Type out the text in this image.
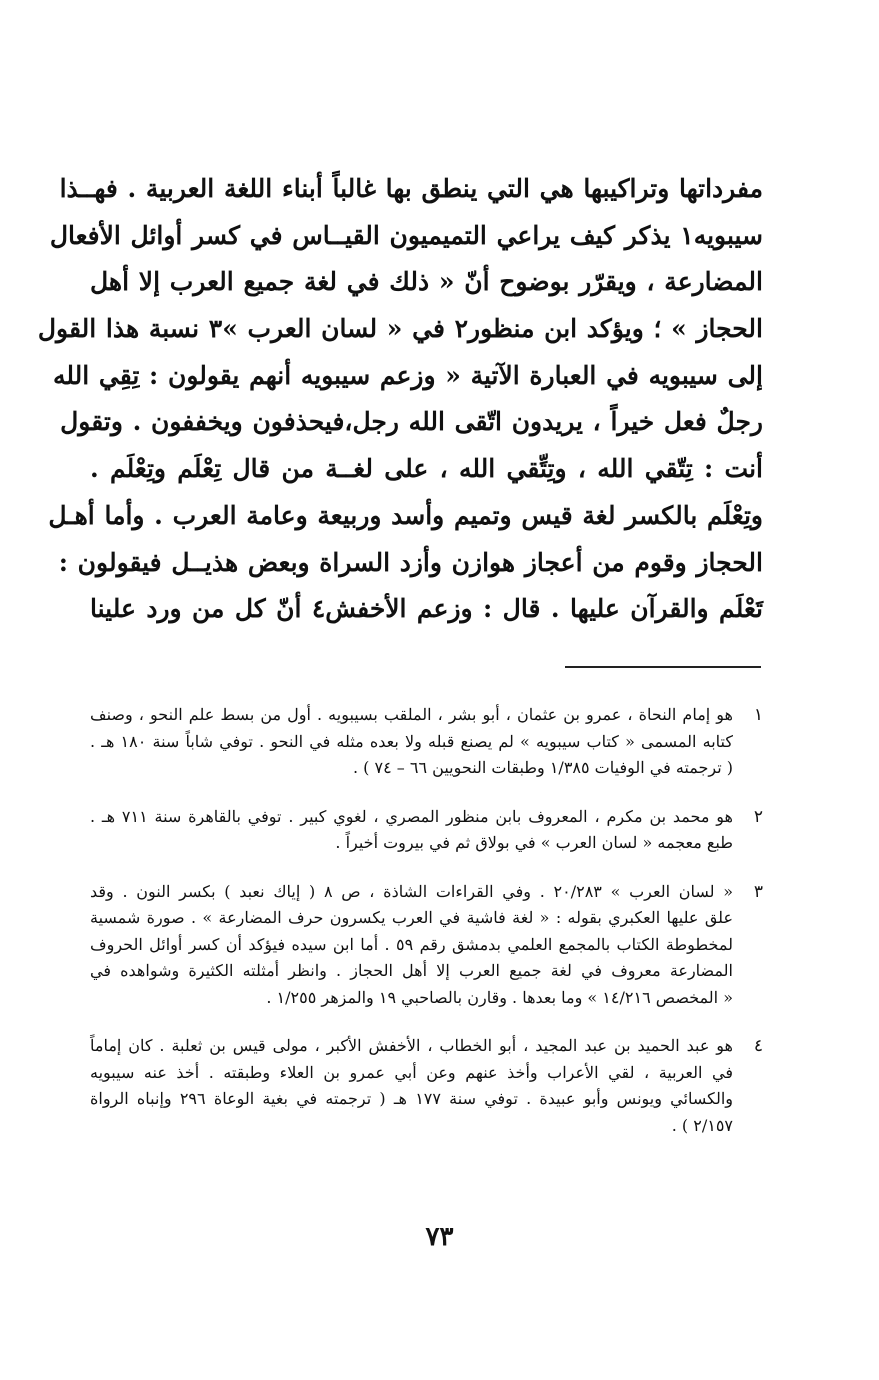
مفرداتها وتراكيبها هي التي ينطق بها غالباً أبناء اللغة العربية . فهــذا
سيبويه١ يذكر كيف يراعي التميميون القيــاس في كسر أوائل الأفعال
المضارعة ، ويقرّر بوضوح أنّ « ذلك في لغة جميع العرب إلا أهل
الحجاز » ؛ ويؤكد ابن منظور٢ في « لسان العرب »٣ نسبة هذا القول
إلى سيبويه في العبارة الآتية « وزعم سيبويه أنهم يقولون : تِقِي الله
رجلٌ فعل خيراً ، يريدون اتّقى الله رجل،فيحذفون ويخففون . وتقول
أنت : تِتّقي الله ، وتِتِّقي الله ، على لغــة من قال تِعْلَم وتِعْلَم .
وتِعْلَم بالكسر لغة قيس وتميم وأسد وربيعة وعامة العرب . وأما أهـل
الحجاز وقوم من أعجاز هوازن وأزد السراة وبعض هذيــل فيقولون :
تَعْلَم والقرآن عليها . قال : وزعم الأخفش٤ أنّ كل من ورد علينا
١
هو إمام النحاة ، عمرو بن عثمان ، أبو بشر ، الملقب بسيبويه . أول من بسط علم النحو ، وصنف
كتابه المسمى « كتاب سيبويه » لم يصنع قبله ولا بعده مثله في النحو . توفي شاباً سنة ١٨٠ هـ .
( ترجمته في الوفيات ١/٣٨٥ وطبقات النحويين ٦٦ – ٧٤ ) .
٢
هو محمد بن مكرم ، المعروف بابن منظور المصري ، لغوي كبير . توفي بالقاهرة سنة ٧١١ هـ .
طبع معجمه « لسان العرب » في بولاق ثم في بيروت أخيراً .
٣
« لسان العرب » ٢٠/٢٨٣ . وفي القراءات الشاذة ، ص ٨ ( إياك نعبد ) بكسر النون . وقد
علق عليها العكبري بقوله : « لغة فاشية في العرب يكسرون حرف المضارعة » . صورة شمسية
لمخطوطة الكتاب بالمجمع العلمي بدمشق رقم ٥٩ . أما ابن سيده فيؤكد أن كسر أوائل الحروف
المضارعة معروف في لغة جميع العرب إلا أهل الحجاز . وانظر أمثلته الكثيرة وشواهده في
« المخصص ١٤/٢١٦ » وما بعدها . وقارن بالصاحبي ١٩ والمزهر ١/٢٥٥ .
٤
هو عبد الحميد بن عبد المجيد ، أبو الخطاب ، الأخفش الأكبر ، مولى قيس بن ثعلبة . كان إماماً
في العربية ، لقي الأعراب وأخذ عنهم وعن أبي عمرو بن العلاء وطبقته . أخذ عنه سيبويه
والكسائي ويونس وأبو عبيدة . توفي سنة ١٧٧ هـ ( ترجمته في بغية الوعاة ٢٩٦ وإنباه الرواة
٢/١٥٧ ) .
٧٣
